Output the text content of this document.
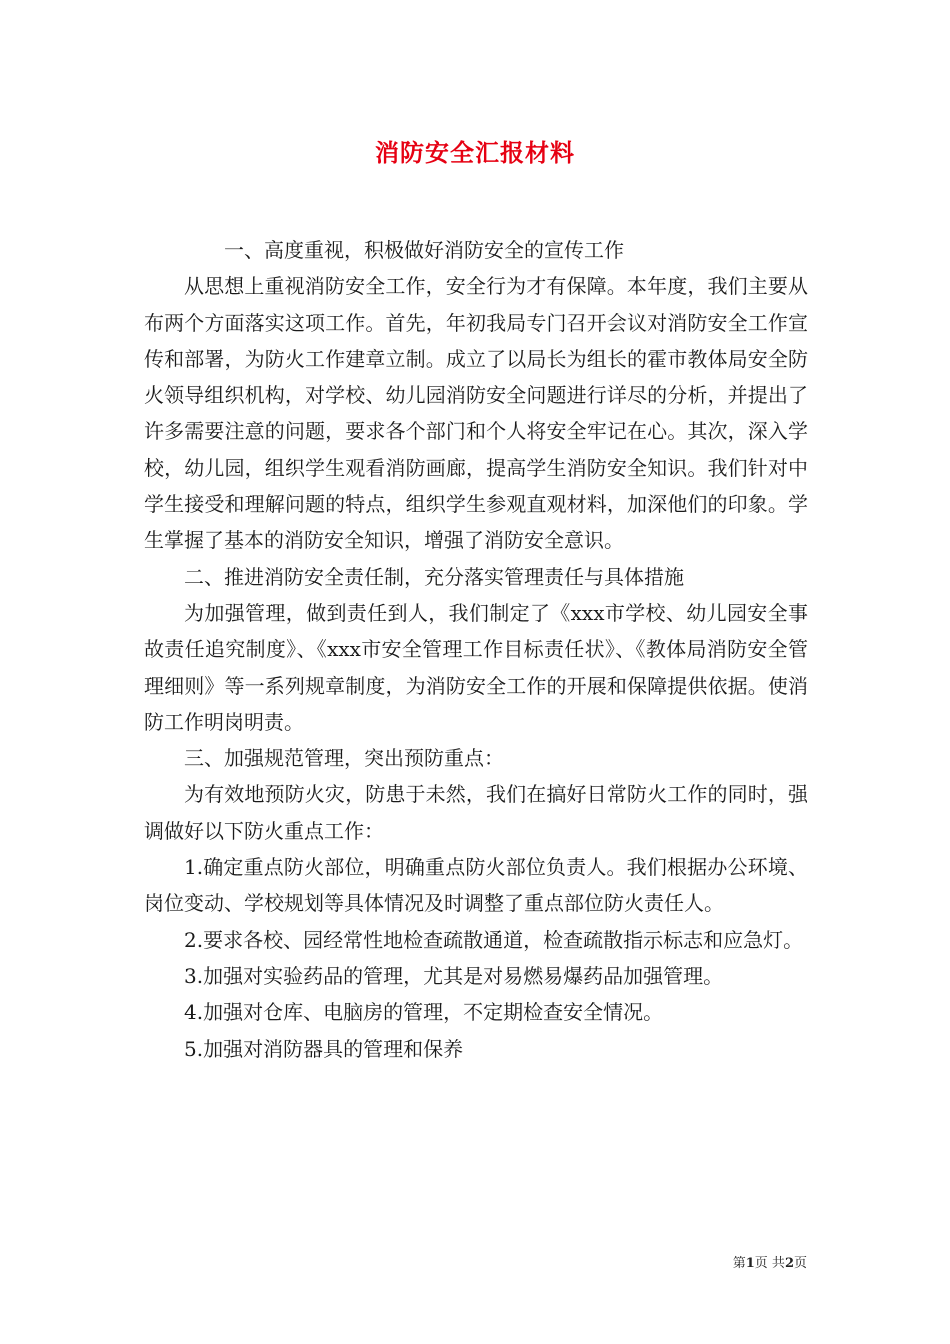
消防安全汇报材料

一、高度重视，积极做好消防安全的宣传工作

从思想上重视消防安全工作，安全行为才有保障。本年度，我们主要从布两个方面落实这项工作。首先，年初我局专门召开会议对消防安全工作宣传和部署，为防火工作建章立制。成立了以局长为组长的霍市教体局安全防火领导组织机构，对学校、幼儿园消防安全问题进行详尽的分析，并提出了许多需要注意的问题，要求各个部门和个人将安全牢记在心。其次，深入学校，幼儿园，组织学生观看消防画廊，提高学生消防安全知识。我们针对中学生接受和理解问题的特点，组织学生参观直观材料，加深他们的印象。学生掌握了基本的消防安全知识，增强了消防安全意识。

二、推进消防安全责任制，充分落实管理责任与具体措施

为加强管理，做到责任到人，我们制定了《xxx市学校、幼儿园安全事故责任追究制度》、《xxx市安全管理工作目标责任状》、《教体局消防安全管理细则》等一系列规章制度，为消防安全工作的开展和保障提供依据。使消防工作明岗明责。

三、加强规范管理，突出预防重点：

为有效地预防火灾，防患于未然，我们在搞好日常防火工作的同时，强调做好以下防火重点工作：

1.确定重点防火部位，明确重点防火部位负责人。我们根据办公环境、岗位变动、学校规划等具体情况及时调整了重点部位防火责任人。

2.要求各校、园经常性地检查疏散通道，检查疏散指示标志和应急灯。

3.加强对实验药品的管理，尤其是对易燃易爆药品加强管理。

4.加强对仓库、电脑房的管理，不定期检查安全情况。

5.加强对消防器具的管理和保养

第1页 共2页
